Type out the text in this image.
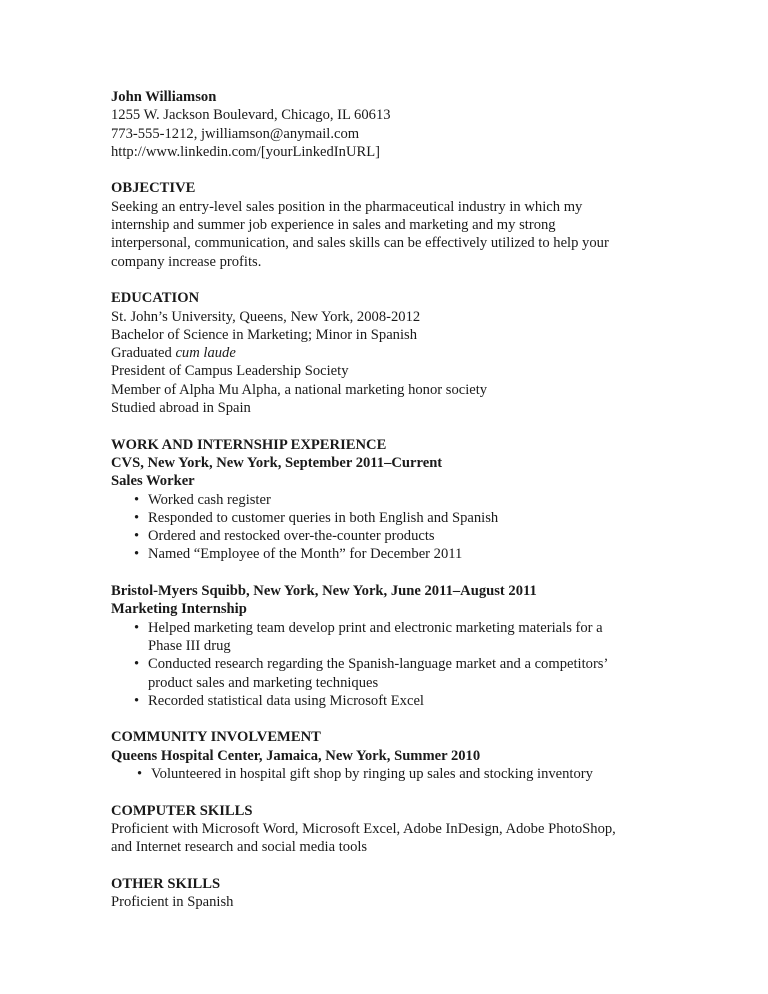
John Williamson
1255 W. Jackson Boulevard, Chicago, IL 60613
773-555-1212, jwilliamson@anymail.com
http://www.linkedin.com/[yourLinkedInURL]
OBJECTIVE
Seeking an entry-level sales position in the pharmaceutical industry in which my internship and summer job experience in sales and marketing and my strong interpersonal, communication, and sales skills can be effectively utilized to help your company increase profits.
EDUCATION
St. John’s University, Queens, New York, 2008-2012
Bachelor of Science in Marketing; Minor in Spanish
Graduated cum laude
President of Campus Leadership Society
Member of Alpha Mu Alpha, a national marketing honor society
Studied abroad in Spain
WORK AND INTERNSHIP EXPERIENCE
CVS, New York, New York, September 2011–Current
Sales Worker
• Worked cash register
• Responded to customer queries in both English and Spanish
• Ordered and restocked over-the-counter products
• Named “Employee of the Month” for December 2011
Bristol-Myers Squibb, New York, New York, June 2011–August 2011
Marketing Internship
• Helped marketing team develop print and electronic marketing materials for a Phase III drug
• Conducted research regarding the Spanish-language market and a competitors’ product sales and marketing techniques
• Recorded statistical data using Microsoft Excel
COMMUNITY INVOLVEMENT
Queens Hospital Center, Jamaica, New York, Summer 2010
• Volunteered in hospital gift shop by ringing up sales and stocking inventory
COMPUTER SKILLS
Proficient with Microsoft Word, Microsoft Excel, Adobe InDesign, Adobe PhotoShop, and Internet research and social media tools
OTHER SKILLS
Proficient in Spanish
